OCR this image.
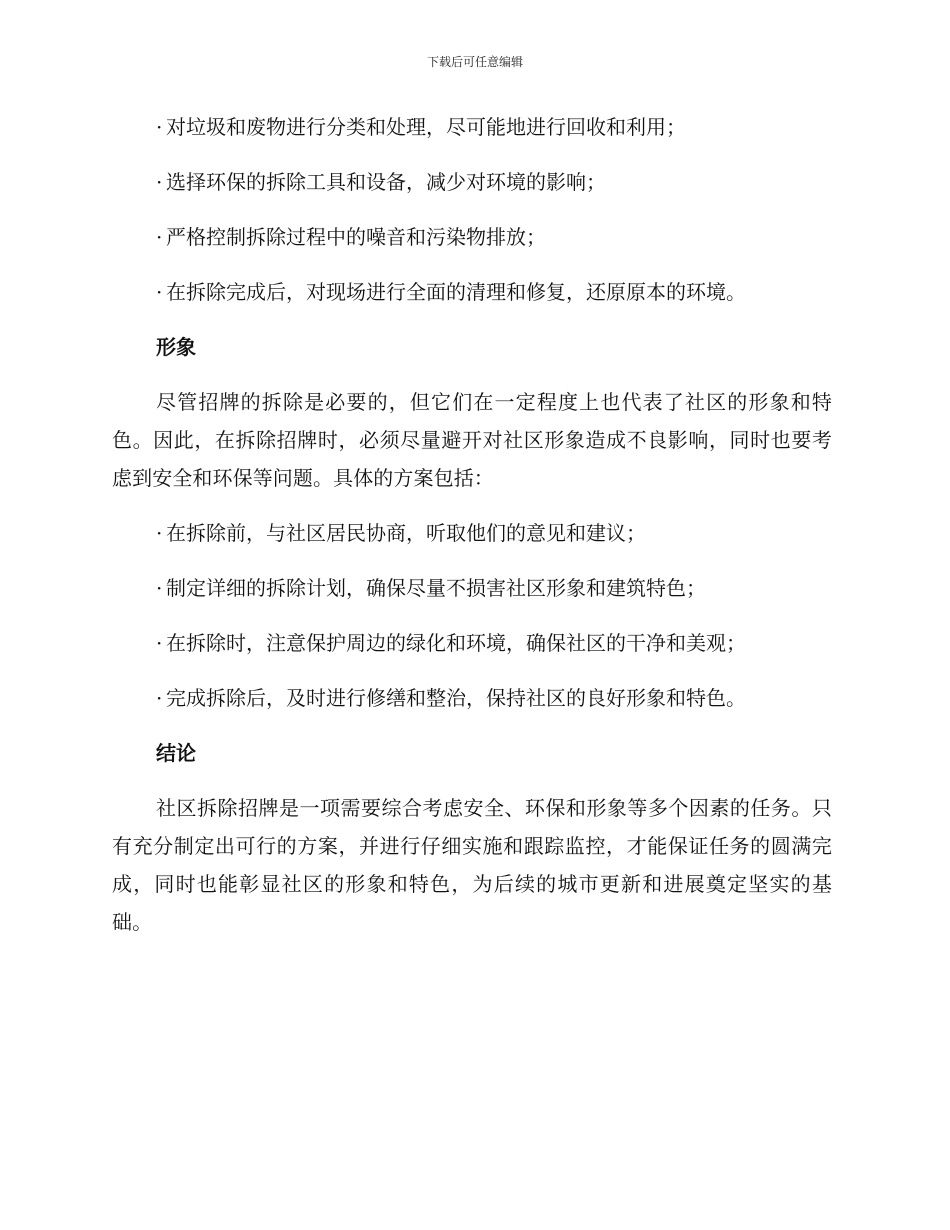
下载后可任意编辑
· 对垃圾和废物进行分类和处理，尽可能地进行回收和利用；
· 选择环保的拆除工具和设备，减少对环境的影响；
· 严格控制拆除过程中的噪音和污染物排放；
· 在拆除完成后，对现场进行全面的清理和修复，还原原本的环境。
形象
尽管招牌的拆除是必要的，但它们在一定程度上也代表了社区的形象和特色。因此，在拆除招牌时，必须尽量避开对社区形象造成不良影响，同时也要考虑到安全和环保等问题。具体的方案包括：
· 在拆除前，与社区居民协商，听取他们的意见和建议；
· 制定详细的拆除计划，确保尽量不损害社区形象和建筑特色；
· 在拆除时，注意保护周边的绿化和环境，确保社区的干净和美观；
· 完成拆除后，及时进行修缮和整治，保持社区的良好形象和特色。
结论
社区拆除招牌是一项需要综合考虑安全、环保和形象等多个因素的任务。只有充分制定出可行的方案，并进行仔细实施和跟踪监控，才能保证任务的圆满完成，同时也能彰显社区的形象和特色，为后续的城市更新和进展奠定坚实的基础。
